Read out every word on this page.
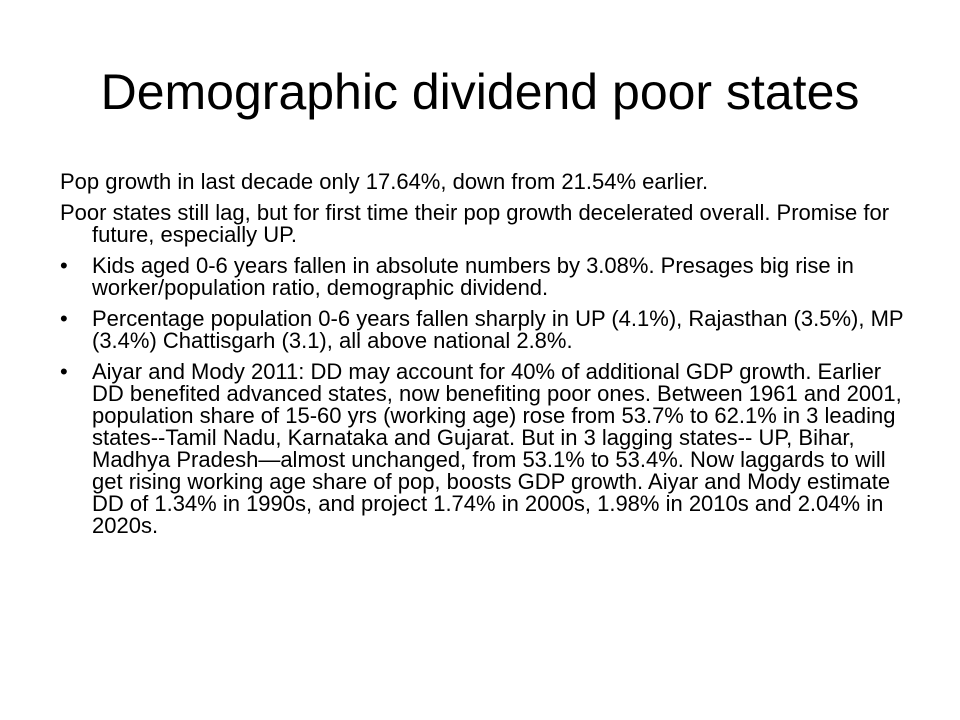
Demographic dividend poor states

Pop growth in last decade only 17.64%, down from 21.54% earlier.

Poor states still lag, but for first time their pop growth decelerated overall. Promise for future, especially UP.

•	Kids aged 0-6 years fallen in absolute numbers by 3.08%. Presages big rise in worker/population ratio, demographic dividend.
•	Percentage population 0-6 years fallen sharply in UP (4.1%), Rajasthan (3.5%), MP (3.4%) Chattisgarh (3.1), all above national 2.8%.
•	Aiyar and Mody 2011: DD may account for 40% of additional GDP growth. Earlier DD benefited advanced states, now benefiting poor ones. Between 1961 and 2001, population share of 15-60 yrs (working age) rose from 53.7% to 62.1% in 3 leading states--Tamil Nadu, Karnataka and Gujarat. But in 3 lagging states-- UP, Bihar, Madhya Pradesh—almost unchanged, from 53.1% to 53.4%. Now laggards to will get rising working age share of pop, boosts GDP growth. Aiyar and Mody estimate DD of 1.34% in 1990s, and project 1.74% in 2000s, 1.98% in 2010s and 2.04% in 2020s.
